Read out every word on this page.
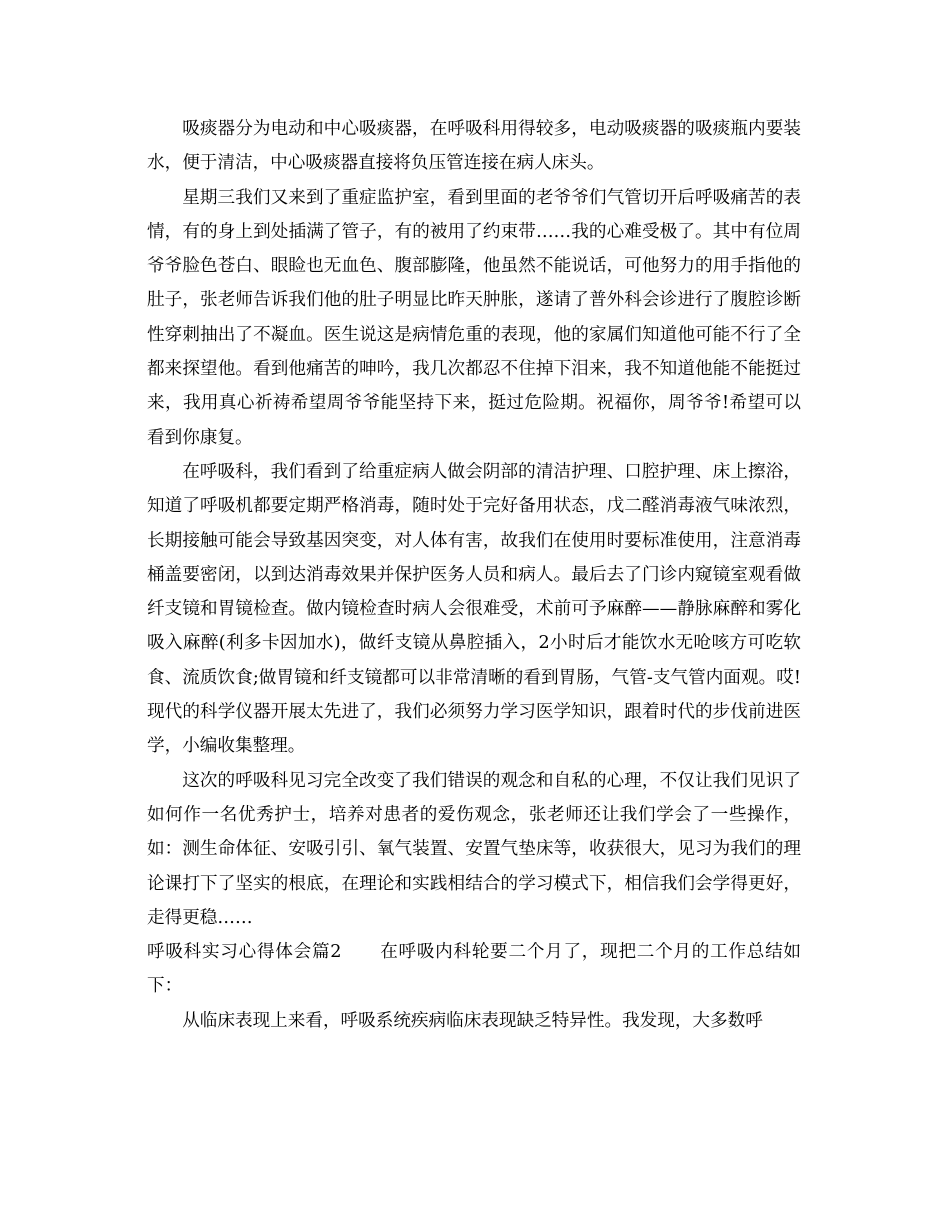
吸痰器分为电动和中心吸痰器，在呼吸科用得较多，电动吸痰器的吸痰瓶内要装水，便于清洁，中心吸痰器直接将负压管连接在病人床头。

星期三我们又来到了重症监护室，看到里面的老爷爷们气管切开后呼吸痛苦的表情，有的身上到处插满了管子，有的被用了约束带……我的心难受极了。其中有位周爷爷脸色苍白、眼睑也无血色、腹部膨隆，他虽然不能说话，可他努力的用手指他的肚子，张老师告诉我们他的肚子明显比昨天肿胀，遂请了普外科会诊进行了腹腔诊断性穿刺抽出了不凝血。医生说这是病情危重的表现，他的家属们知道他可能不行了全都来探望他。看到他痛苦的呻吟，我几次都忍不住掉下泪来，我不知道他能不能挺过来，我用真心祈祷希望周爷爷能坚持下来，挺过危险期。祝福你，周爷爷!希望可以看到你康复。

在呼吸科，我们看到了给重症病人做会阴部的清洁护理、口腔护理、床上擦浴，知道了呼吸机都要定期严格消毒，随时处于完好备用状态，戊二醛消毒液气味浓烈，长期接触可能会导致基因突变，对人体有害，故我们在使用时要标准使用，注意消毒桶盖要密闭，以到达消毒效果并保护医务人员和病人。最后去了门诊内窥镜室观看做纤支镜和胃镜检查。做内镜检查时病人会很难受，术前可予麻醉——静脉麻醉和雾化吸入麻醉(利多卡因加水)，做纤支镜从鼻腔插入，2小时后才能饮水无呛咳方可吃软食、流质饮食;做胃镜和纤支镜都可以非常清晰的看到胃肠，气管-支气管内面观。哎!现代的科学仪器开展太先进了，我们必须努力学习医学知识，跟着时代的步伐前进医学，小编收集整理。

这次的呼吸科见习完全改变了我们错误的观念和自私的心理，不仅让我们见识了如何作一名优秀护士，培养对患者的爱伤观念，张老师还让我们学会了一些操作，如：测生命体征、安吸引引、氧气装置、安置气垫床等，收获很大，见习为我们的理论课打下了坚实的根底，在理论和实践相结合的学习模式下，相信我们会学得更好，走得更稳……

呼吸科实习心得体会篇2 在呼吸内科轮要二个月了，现把二个月的工作总结如下：

从临床表现上来看，呼吸系统疾病临床表现缺乏特异性。我发现，大多数呼
